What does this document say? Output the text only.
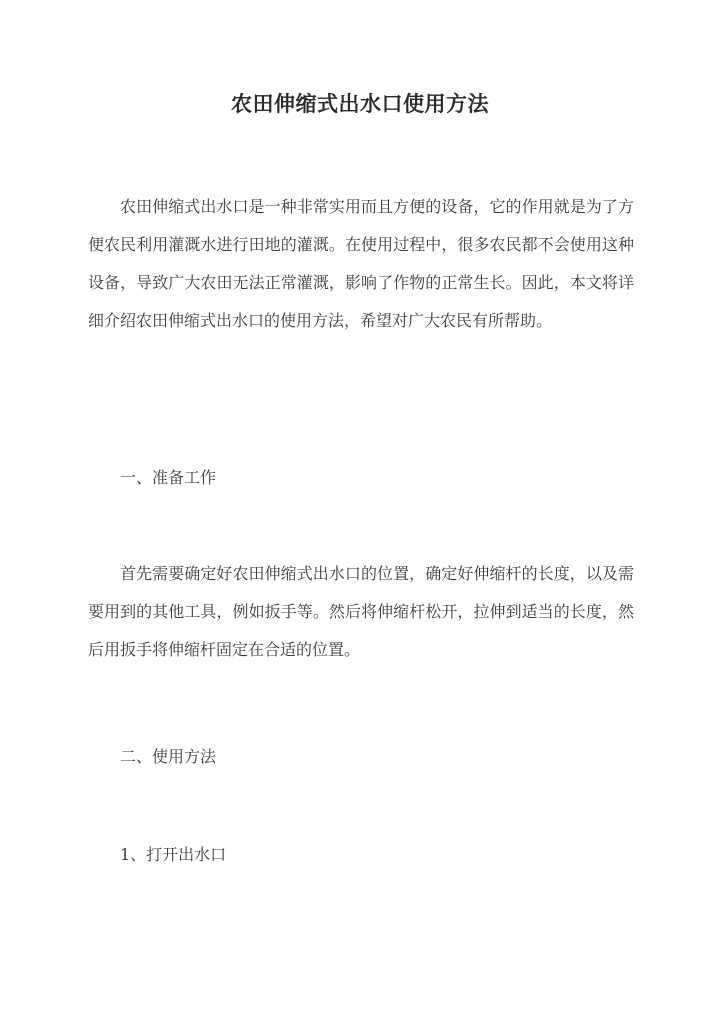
农田伸缩式出水口使用方法
农田伸缩式出水口是一种非常实用而且方便的设备，它的作用就是为了方便农民利用灌溉水进行田地的灌溉。在使用过程中，很多农民都不会使用这种设备，导致广大农田无法正常灌溉，影响了作物的正常生长。因此，本文将详细介绍农田伸缩式出水口的使用方法，希望对广大农民有所帮助。
一、准备工作
首先需要确定好农田伸缩式出水口的位置，确定好伸缩杆的长度，以及需要用到的其他工具，例如扳手等。然后将伸缩杆松开，拉伸到适当的长度，然后用扳手将伸缩杆固定在合适的位置。
二、使用方法
1、打开出水口
